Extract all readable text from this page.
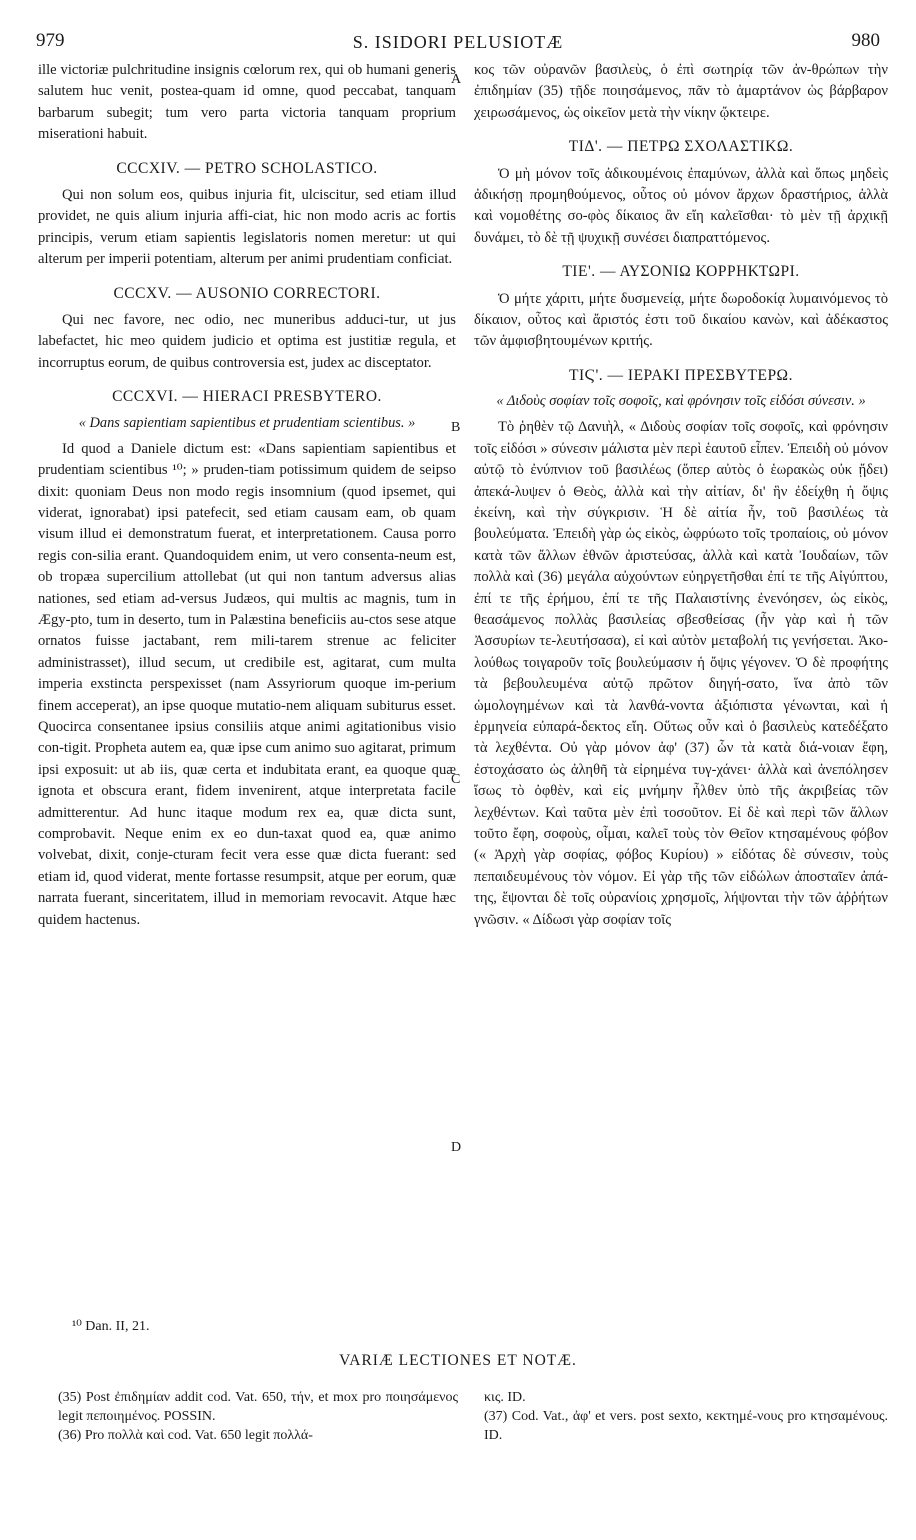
979	S. ISIDORI PELUSIOTÆ	980

ille victoriæ pulchritudine insignis cœlorum rex, qui ob humani generis salutem huc venit, postea-quam id omne, quod peccabat, tanquam barbarum subegit; tum vero parta victoria tanquam proprium miserationi habuit.

CCCXIV. — PETRO SCHOLASTICO.

Qui non solum eos, quibus injuria fit, ulciscitur, sed etiam illud providet, ne quis alium injuria affi-ciat, hic non modo acris ac fortis principis, verum etiam sapientis legislatoris nomen meretur: ut qui alterum per imperii potentiam, alterum per animi prudentiam conficiat.

CCCXV. — AUSONIO CORRECTORI.

Qui nec favore, nec odio, nec muneribus adduci-tur, ut jus labefactet, hic meo quidem judicio et optima est justitiæ regula, et incorruptus eorum, de quibus controversia est, judex ac disceptator.

CCCXVI. — HIERACI PRESBYTERO.
« Dans sapientiam sapientibus et prudentiam scientibus. »

Id quod a Daniele dictum est: «Dans sapientiam sapientibus et prudentiam scientibus ¹⁰; » pruden-tiam potissimum quidem de seipso dixit: quoniam Deus non modo regis insomnium (quod ipsemet, qui viderat, ignorabat) ipsi patefecit, sed etiam causam eam, ob quam visum illud ei demonstratum fuerat, et interpretationem. Causa porro regis con-silia erant. Quandoquidem enim, ut vero consenta-neum est, ob tropæa supercilium attollebat (ut qui non tantum adversus alias nationes, sed etiam ad-versus Judæos, qui multis ac magnis, tum in Ægy-pto, tum in deserto, tum in Palæstina beneficiis au-ctos sese atque ornatos fuisse jactabant, rem mili-tarem strenue ac feliciter administrasset), illud secum, ut credibile est, agitarat, cum multa imperia exstincta perspexisset (nam Assyriorum quoque im-perium finem acceperat), an ipse quoque mutatio-nem aliquam subiturus esset. Quocirca consentanee ipsius consiliis atque animi agitationibus visio con-tigit. Propheta autem ea, quæ ipse cum animo suo agitarat, primum ipsi exposuit: ut ab iis, quæ certa et indubitata erant, ea quoque quæ ignota et obscura erant, fidem invenirent, atque interpretata facile admitterentur. Ad hunc itaque modum rex ea, quæ dicta sunt, comprobavit. Neque enim ex eo dun-taxat quod ea, quæ animo volvebat, dixit, conje-cturam fecit vera esse quæ dicta fuerant: sed etiam id, quod viderat, mente fortasse resumpsit, atque per eorum, quæ narrata fuerant, sinceritatem, illud in memoriam revocavit. Atque hæc quidem hactenus.

κος τῶν οὐρανῶν βασιλεὺς, ὁ ἐπὶ σωτηρίᾳ τῶν ἀν-θρώπων τὴν ἐπιδημίαν (35) τῇδε ποιησάμενος, πᾶν τὸ ἁμαρτάνον ὡς βάρβαρον χειρωσάμενος, ὡς οἰκεῖον μετὰ τὴν νίκην ᾤκτειρε.

ΤΙΔ'. — ΠΕΤΡΩ ΣΧΟΛΑΣΤΙΚΩ.

Ὁ μὴ μόνον τοῖς ἀδικουμένοις ἐπαμύνων, ἀλλὰ καὶ ὅπως μηδεὶς ἀδικήσῃ προμηθούμενος, οὗτος οὐ μόνον ἄρχων δραστήριος, ἀλλὰ καὶ νομοθέτης σο-φὸς δίκαιος ἂν εἴη καλεῖσθαι· τὸ μὲν τῇ ἀρχικῇ δυνάμει, τὸ δὲ τῇ ψυχικῇ συνέσει διαπραττόμενος.

ΤΙΕ'. — ΑΥΣΟΝΙΩ ΚΟΡΡΗΚΤΩΡΙ.

Ὁ μήτε χάριτι, μήτε δυσμενείᾳ, μήτε δωροδοκίᾳ λυμαινόμενος τὸ δίκαιον, οὗτος καὶ ἄριστός ἐστι τοῦ δικαίου κανὼν, καὶ ἀδέκαστος τῶν ἀμφισβητουμένων κριτής.

ΤΙϚ'. — ΙΕΡΑΚΙ ΠΡΕΣΒΥΤΕΡΩ.
« Διδοὺς σοφίαν τοῖς σοφοῖς, καὶ φρόνησιν τοῖς εἰδόσι σύνεσιν. »

Τὸ ῥηθὲν τῷ Δανιὴλ, « Διδοὺς σοφίαν τοῖς σοφοῖς, καὶ φρόνησιν τοῖς εἰδόσι » σύνεσιν μάλιστα μὲν περὶ ἑαυτοῦ εἶπεν. Ἐπειδὴ οὐ μόνον αὐτῷ τὸ ἐνύπνιον τοῦ βασιλέως (ὅπερ αὐτὸς ὁ ἑωρακὼς οὐκ ᾔδει) ἀπεκά-λυψεν ὁ Θεὸς, ἀλλὰ καὶ τὴν αἰτίαν, δι' ἣν ἐδείχθη ἡ ὄψις ἐκείνη, καὶ τὴν σύγκρισιν. Ἡ δὲ αἰτία ἦν, τοῦ βασιλέως τὰ βουλεύματα. Ἐπειδὴ γὰρ ὡς εἰκὸς, ὠφρύωτο τοῖς τροπαίοις, οὐ μόνον κατὰ τῶν ἄλλων ἐθνῶν ἀριστεύσας, ἀλλὰ καὶ κατὰ Ἰουδαίων, τῶν πολλὰ καὶ (36) μεγάλα αὐχούντων εὐηργετῆσθαι ἐπί τε τῆς Αἰγύπτου, ἐπί τε τῆς ἐρήμου, ἐπί τε τῆς Παλαιστίνης ἐνενόησεν, ὡς εἰκὸς, θεασάμενος πολλὰς βασιλείας σβεσθείσας (ἦν γὰρ καὶ ἡ τῶν Ἀσσυρίων τε-λευτήσασα), εἰ καὶ αὐτὸν μεταβολή τις γενήσεται. Ἀκο-λούθως τοιγαροῦν τοῖς βουλεύμασιν ἡ ὄψις γέγονεν. Ὁ δὲ προφήτης τὰ βεβουλευμένα αὐτῷ πρῶτον διηγή-σατο, ἵνα ἀπὸ τῶν ὡμολογημένων καὶ τὰ λανθά-νοντα ἀξιόπιστα γένωνται, καὶ ἡ ἑρμηνεία εὐπαρά-δεκτος εἴη. Οὕτως οὖν καὶ ὁ βασιλεὺς κατεδέξατο τὰ λεχθέντα. Οὐ γὰρ μόνον ἀφ' (37) ὧν τὰ κατὰ διά-νοιαν ἔφη, ἐστοχάσατο ὡς ἀληθῆ τὰ εἰρημένα τυγ-χάνει· ἀλλὰ καὶ ἀνεπόλησεν ἴσως τὸ ὀφθὲν, καὶ εἰς μνήμην ἦλθεν ὑπὸ τῆς ἀκριβείας τῶν λεχθέντων. Καὶ ταῦτα μὲν ἐπὶ τοσοῦτον. Εἰ δὲ καὶ περὶ τῶν ἄλλων τοῦτο ἔφη, σοφοὺς, οἶμαι, καλεῖ τοὺς τὸν Θεῖον κτησαμένους φόβον (« Ἀρχὴ γὰρ σοφίας, φόβος Κυρίου) » εἰδότας δὲ σύνεσιν, τοὺς πεπαιδευμένους τὸν νόμον. Εἰ γὰρ τῆς τῶν εἰδώλων ἀποσταῖεν ἀπά-της, ἕψονται δὲ τοῖς οὐρανίοις χρησμοῖς, λήψονται τὴν τῶν ἀῤῥήτων γνῶσιν. « Δίδωσι γὰρ σοφίαν τοῖς

A
B
C
D
¹⁰ Dan. II, 21.
VARIÆ LECTIONES ET NOTÆ.

(35) Post ἐπιδημίαν addit cod. Vat. 650, τήν, et mox pro ποιησάμενος legit πεποιημένος. POSSIN.

(36) Pro πολλὰ καὶ cod. Vat. 650 legit πολλά-

κις. ID.

(37) Cod. Vat., ἀφ' et vers. post sexto, κεκτημέ-νους pro κτησαμένους. ID.
